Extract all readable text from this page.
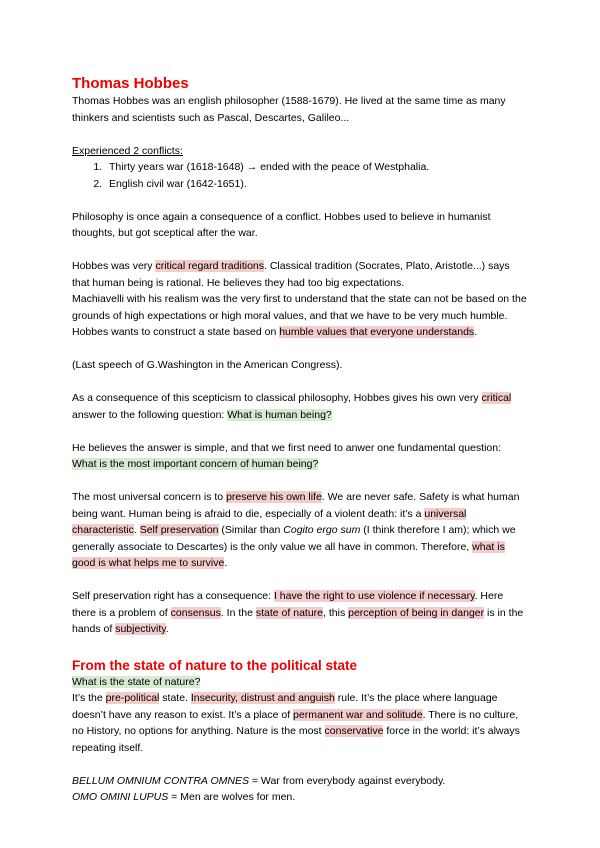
Thomas Hobbes

Thomas Hobbes was an english philosopher (1588-1679). He lived at the same time as many thinkers and scientists such as Pascal, Descartes, Galileo...

Experienced 2 conflicts:

1. Thirty years war (1618-1648) → ended with the peace of Westphalia.
2. English civil war (1642-1651).

Philosophy is once again a consequence of a conflict. Hobbes used to believe in humanist thoughts, but got sceptical after the war.

Hobbes was very critical regard traditions. Classical tradition (Socrates, Plato, Aristotle...) says that human being is rational. He believes they had too big expectations.

Machiavelli with his realism was the very first to understand that the state can not be based on the grounds of high expectations or high moral values, and that we have to be very much humble.

Hobbes wants to construct a state based on humble values that everyone understands.

(Last speech of G.Washington in the American Congress).

As a consequence of this scepticism to classical philosophy, Hobbes gives his own very critical answer to the following question: What is human being?

He believes the answer is simple, and that we first need to anwer one fundamental question: What is the most important concern of human being?

The most universal concern is to preserve his own life. We are never safe. Safety is what human being want. Human being is afraid to die, especially of a violent death: it’s a universal characteristic. Self preservation (Similar than Cogito ergo sum (I think therefore I am); which we generally associate to Descartes) is the only value we all have in common. Therefore, what is good is what helps me to survive.

Self preservation right has a consequence: I have the right to use violence if necessary. Here there is a problem of consensus. In the state of nature, this perception of being in danger is in the hands of subjectivity.

From the state of nature to the political state

What is the state of nature?

It’s the pre-political state. Insecurity, distrust and anguish rule. It’s the place where language doesn’t have any reason to exist. It’s a place of permanent war and solitude. There is no culture, no History, no options for anything. Nature is the most conservative force in the world: it’s always repeating itself.

BELLUM OMNIUM CONTRA OMNES = War from everybody against everybody.

OMO OMINI LUPUS = Men are wolves for men.
